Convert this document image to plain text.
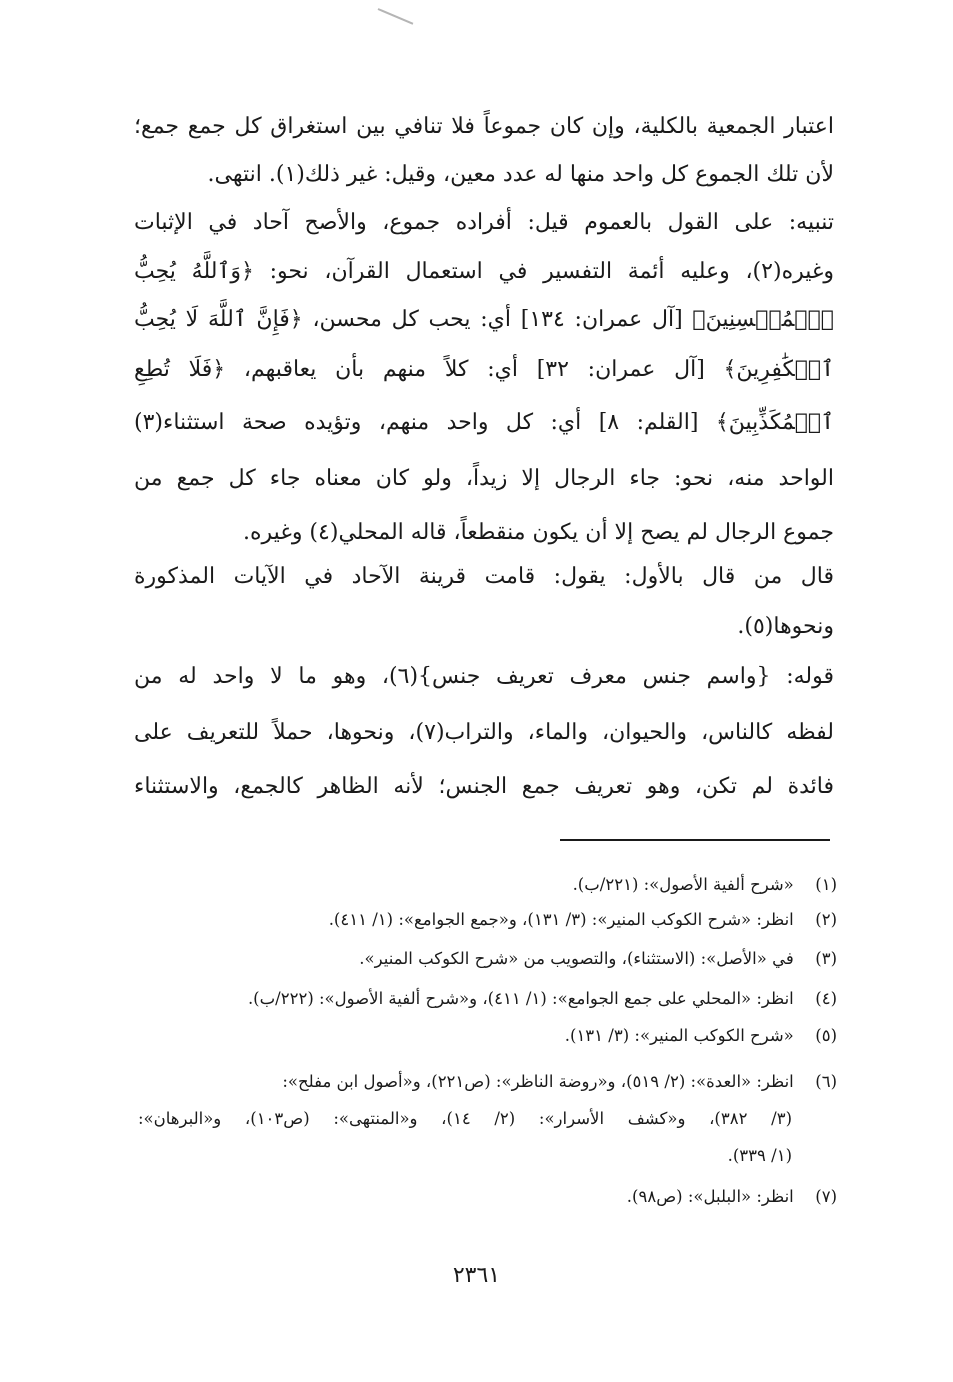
اعتبار الجمعية بالكلية، وإن كان جموعاً فلا تنافي بين استغراق كل جمع جمع؛

لأن تلك الجموع كل واحد منها له عدد معين، وقيل: غير ذلك(١). انتهى.

تنبيه: على القول بالعموم قيل: أفراده جموع، والأصح آحاد في الإثبات

وغيره(٢)، وعليه أئمة التفسير في استعمال القرآن، نحو: ﴿وَٱللَّهُ يُحِبُّ

ٱلۡمُحۡسِنِينَ﴾ [آل عمران: ١٣٤] أي: يحب كل محسن، ﴿فَإِنَّ ٱللَّهَ لَا يُحِبُّ

ٱلۡكَٰفِرِينَ﴾ [آل عمران: ٣٢] أي: كلاً منهم بأن يعاقبهم، ﴿فَلَا تُطِعِ

ٱلۡمُكَذِّبِينَ﴾ [القلم: ٨] أي: كل واحد منهم، وتؤيده صحة استثناء(٣)

الواحد منه، نحو: جاء الرجال إلا زيداً، ولو كان معناه جاء كل جمع من

جموع الرجال لم يصح إلا أن يكون منقطعاً، قاله المحلي(٤) وغيره.

قال من قال بالأول: يقول: قامت قرينة الآحاد في الآيات المذكورة

ونحوها(٥).

قوله: {واسم جنس معرف تعريف جنس}(٦)، وهو ما لا واحد له من

لفظه كالناس، والحيوان، والماء، والتراب(٧)، ونحوها، حملاً للتعريف على

فائدة لم تكن، وهو تعريف جمع الجنس؛ لأنه الظاهر كالجمع، والاستثناء

(١) «شرح ألفية الأصول»: (٢٢١/ب).
(٢) انظر: «شرح الكوكب المنير»: (٣/ ١٣١)، و«جمع الجوامع»: (١/ ٤١١).
(٣) في «الأصل»: (الاستثناء)، والتصويب من «شرح الكوكب المنير».
(٤) انظر: «المحلي على جمع الجوامع»: (١/ ٤١١)، و«شرح ألفية الأصول»: (٢٢٢/ب).
(٥) «شرح الكوكب المنير»: (٣/ ١٣١).
(٦) انظر: «العدة»: (٢/ ٥١٩)، و«روضة الناظر»: (ص٢٢١)، و«أصول ابن مفلح»:
(٣/ ٣٨٢)، و«كشف الأسرار»: (٢/ ١٤)، و«المنتهى»: (ص١٠٣)، و«البرهان»:
(١/ ٣٣٩).
(٧) انظر: «البلبل»: (ص٩٨).
٢٣٦١
